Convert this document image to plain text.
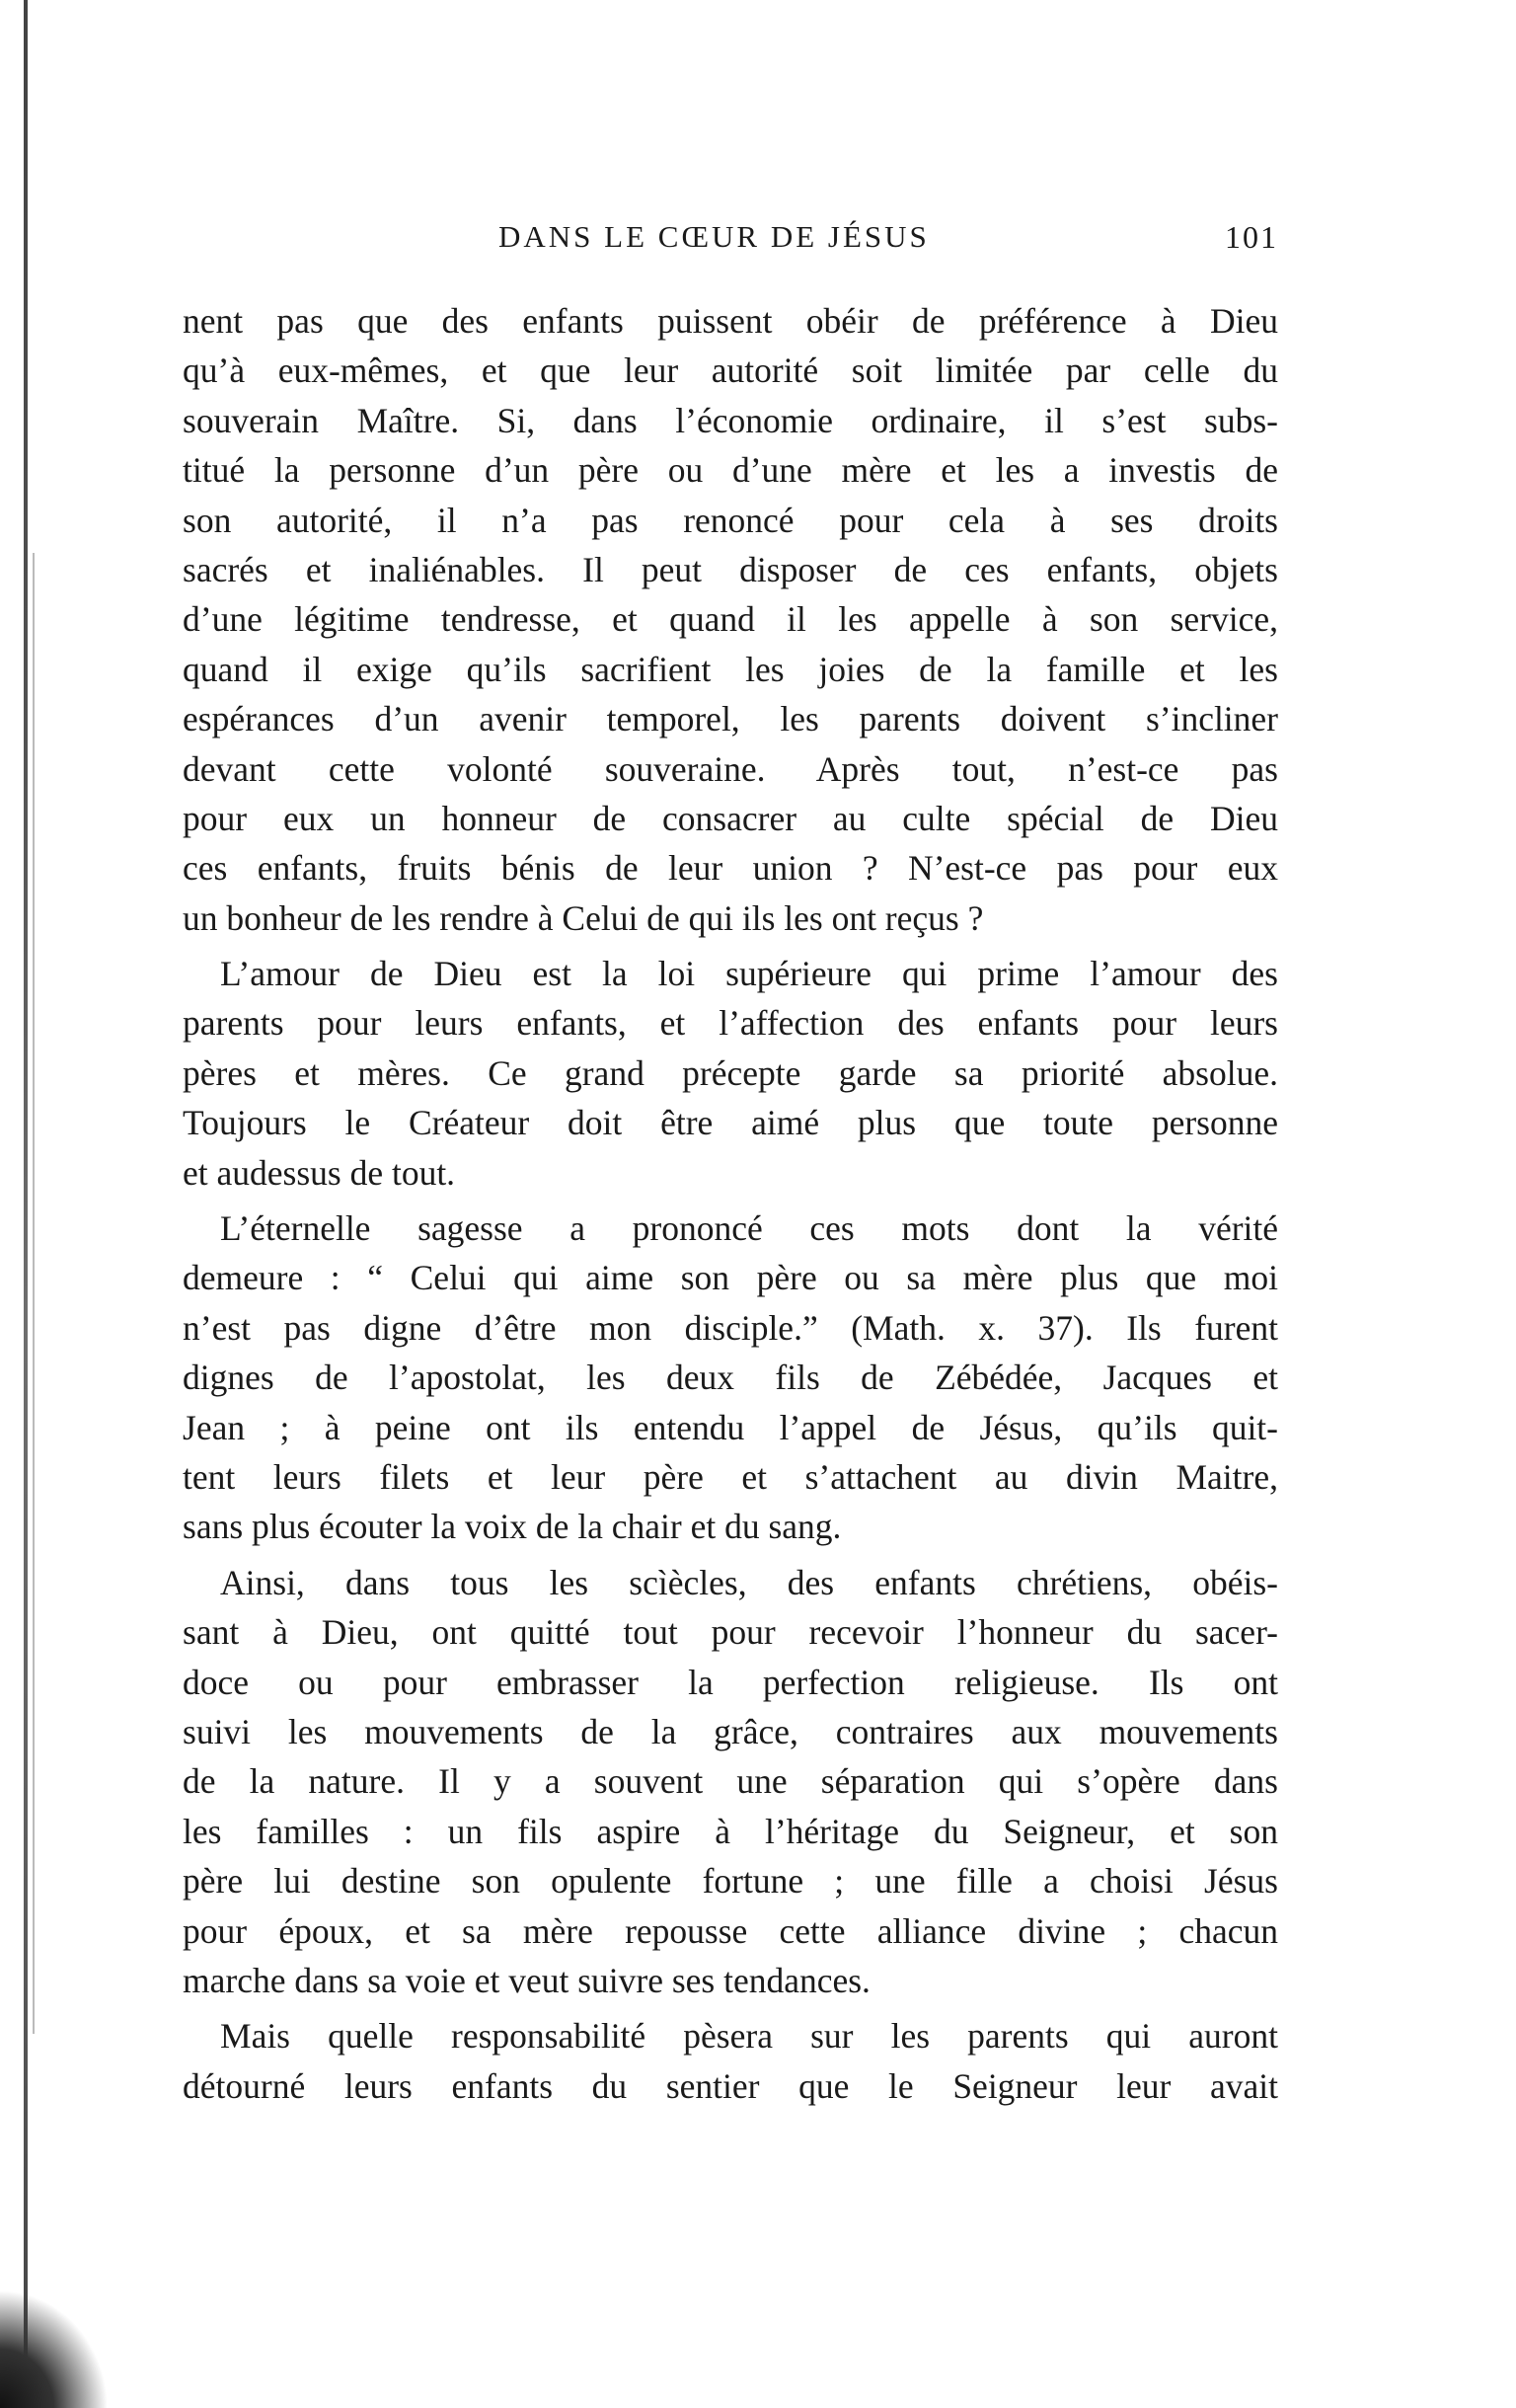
DANS LE CŒUR DE JÉSUS	101
nent pas que des enfants puissent obéir de préférence à Dieu
qu’à eux-mêmes, et que leur autorité soit limitée par celle du
souverain Maître. Si, dans l’économie ordinaire, il s’est subs-
titué la personne d’un père ou d’une mère et les a investis de
son autorité, il n’a pas renoncé pour cela à ses droits
sacrés et inaliénables. Il peut disposer de ces enfants, objets
d’une légitime tendresse, et quand il les appelle à son service,
quand il exige qu’ils sacrifient les joies de la famille et les
espérances d’un avenir temporel, les parents doivent s’incliner
devant cette volonté souveraine. Après tout, n’est-ce pas
pour eux un honneur de consacrer au culte spécial de Dieu
ces enfants, fruits bénis de leur union ? N’est-ce pas pour eux
un bonheur de les rendre à Celui de qui ils les ont reçus ?
L’amour de Dieu est la loi supérieure qui prime l’amour des
parents pour leurs enfants, et l’affection des enfants pour leurs
pères et mères. Ce grand précepte garde sa priorité absolue.
Toujours le Créateur doit être aimé plus que toute personne
et audessus de tout.
L’éternelle sagesse a prononcé ces mots dont la vérité
demeure : “ Celui qui aime son père ou sa mère plus que moi
n’est pas digne d’être mon disciple.” (Math. x. 37). Ils furent
dignes de l’apostolat, les deux fils de Zébédée, Jacques et
Jean ; à peine ont ils entendu l’appel de Jésus, qu’ils quit-
tent leurs filets et leur père et s’attachent au divin Maitre,
sans plus écouter la voix de la chair et du sang.
Ainsi, dans tous les scìècles, des enfants chrétiens, obéis-
sant à Dieu, ont quitté tout pour recevoir l’honneur du sacer-
doce ou pour embrasser la perfection religieuse. Ils ont
suivi les mouvements de la grâce, contraires aux mouvements
de la nature. Il y a souvent une séparation qui s’opère dans
les familles : un fils aspire à l’héritage du Seigneur, et son
père lui destine son opulente fortune ; une fille a choisi Jésus
pour époux, et sa mère repousse cette alliance divine ; chacun
marche dans sa voie et veut suivre ses tendances.
Mais quelle responsabilité pèsera sur les parents qui auront
détourné leurs enfants du sentier que le Seigneur leur avait
